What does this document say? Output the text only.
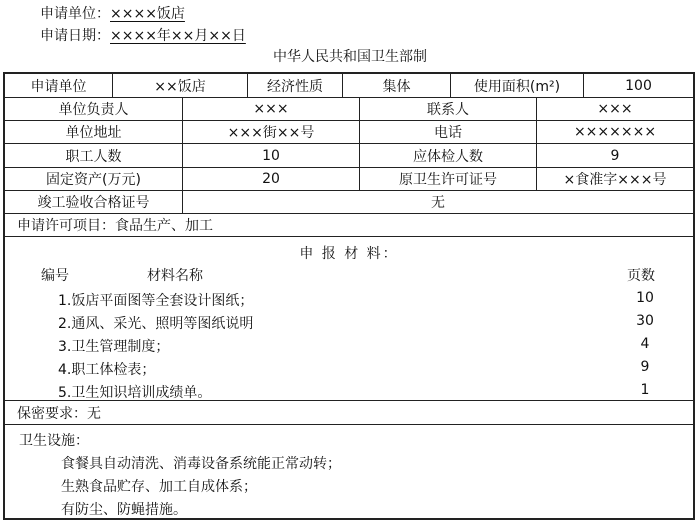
申请单位：××××饭店
申请日期：××××年××月××日
中华人民共和国卫生部制
申请单位	××饭店	经济性质	集体	使用面积(m²)	100
单位负责人	×××	联系人	×××
单位地址	×××街××号	电话	×××××××
职工人数	10	应体检人数	9
固定资产(万元)	20	原卫生许可证号	×食准字×××号
竣工验收合格证号	无
申请许可项目：食品生产、加工
申 报 材 料：
编号	材料名称	页数
1.饭店平面图等全套设计图纸；	10
2.通风、采光、照明等图纸说明	30
3.卫生管理制度；	4
4.职工体检表；	9
5.卫生知识培训成绩单。	1
保密要求：无
卫生设施：
食餐具自动清洗、消毒设备系统能正常动转；
生熟食品贮存、加工自成体系；
有防尘、防蝇措施。
